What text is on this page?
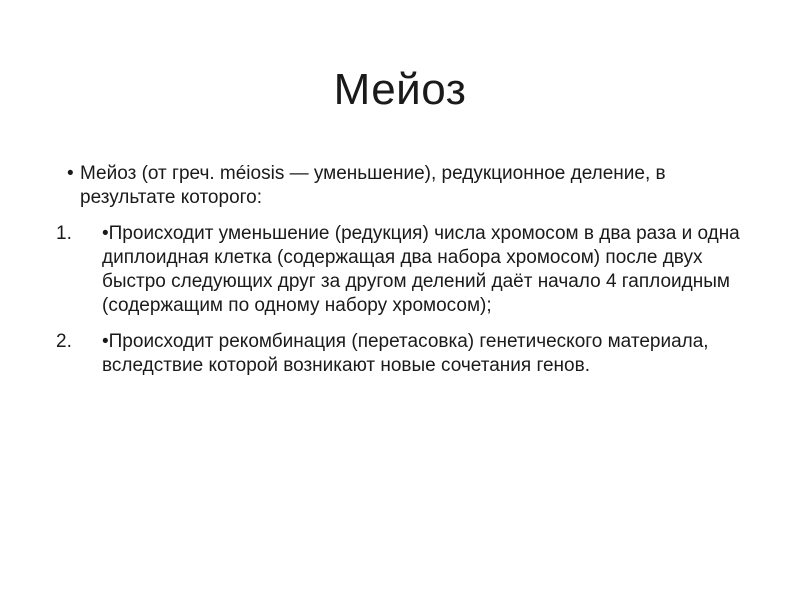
Мейоз
• Мейоз (от греч. méiosis — уменьшение), редукционное деление, в результате которого:
1. •Происходит уменьшение (редукция) числа хромосом в два раза и одна диплоидная клетка (содержащая два набора хромосом) после двух быстро следующих друг за другом делений даёт начало 4 гаплоидным (содержащим по одному набору хромосом);
2. •Происходит рекомбинация (перетасовка) генетического материала, вследствие которой возникают новые сочетания генов.
